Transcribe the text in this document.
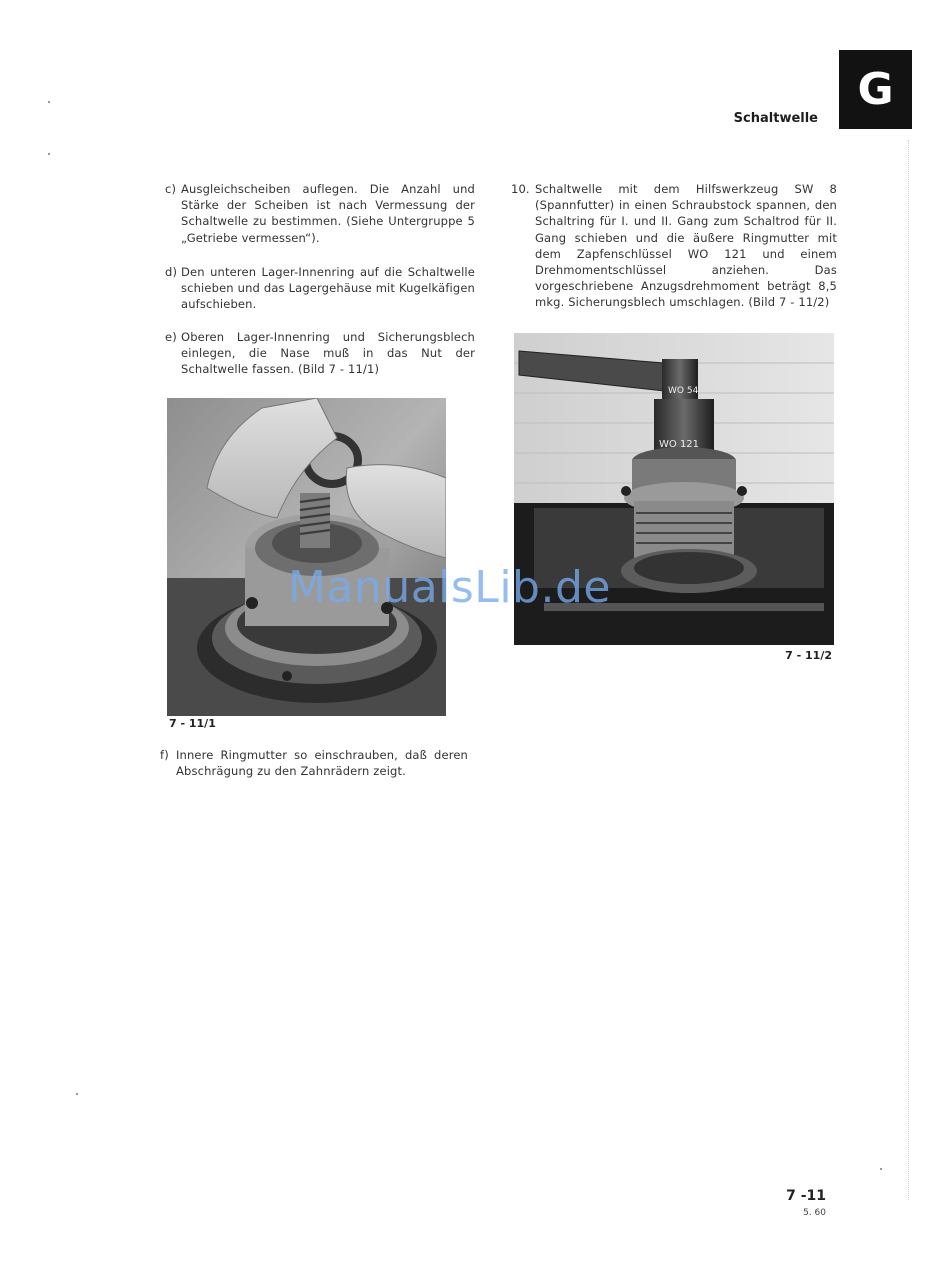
G
Schaltwelle
c) Ausgleichscheiben auflegen. Die Anzahl und Stärke der Scheiben ist nach Vermessung der Schaltwelle zu bestimmen. (Siehe Untergruppe 5 „Getriebe vermessen“).
d) Den unteren Lager-Innenring auf die Schaltwelle schieben und das Lagergehäuse mit Kugelkäfigen aufschieben.
e) Oberen Lager-Innenring und Sicherungsblech einlegen, die Nase muß in das Nut der Schaltwelle fassen. (Bild 7 - 11/1)
7 - 11/1
f) Innere Ringmutter so einschrauben, daß deren Abschrägung zu den Zahnrädern zeigt.
10. Schaltwelle mit dem Hilfswerkzeug SW 8 (Spannfutter) in einen Schraubstock spannen, den Schaltring für I. und II. Gang zum Schaltrod für II. Gang schieben und die äußere Ringmutter mit dem Zapfenschlüssel WO 121 und einem Drehmomentschlüssel anziehen. Das vorgeschriebene Anzugsdrehmoment beträgt 8,5 mkg. Sicherungsblech umschlagen. (Bild 7 - 11/2)
WO 54
WO 121
7 - 11/2
ManualsLib.de
7 -11
5. 60
